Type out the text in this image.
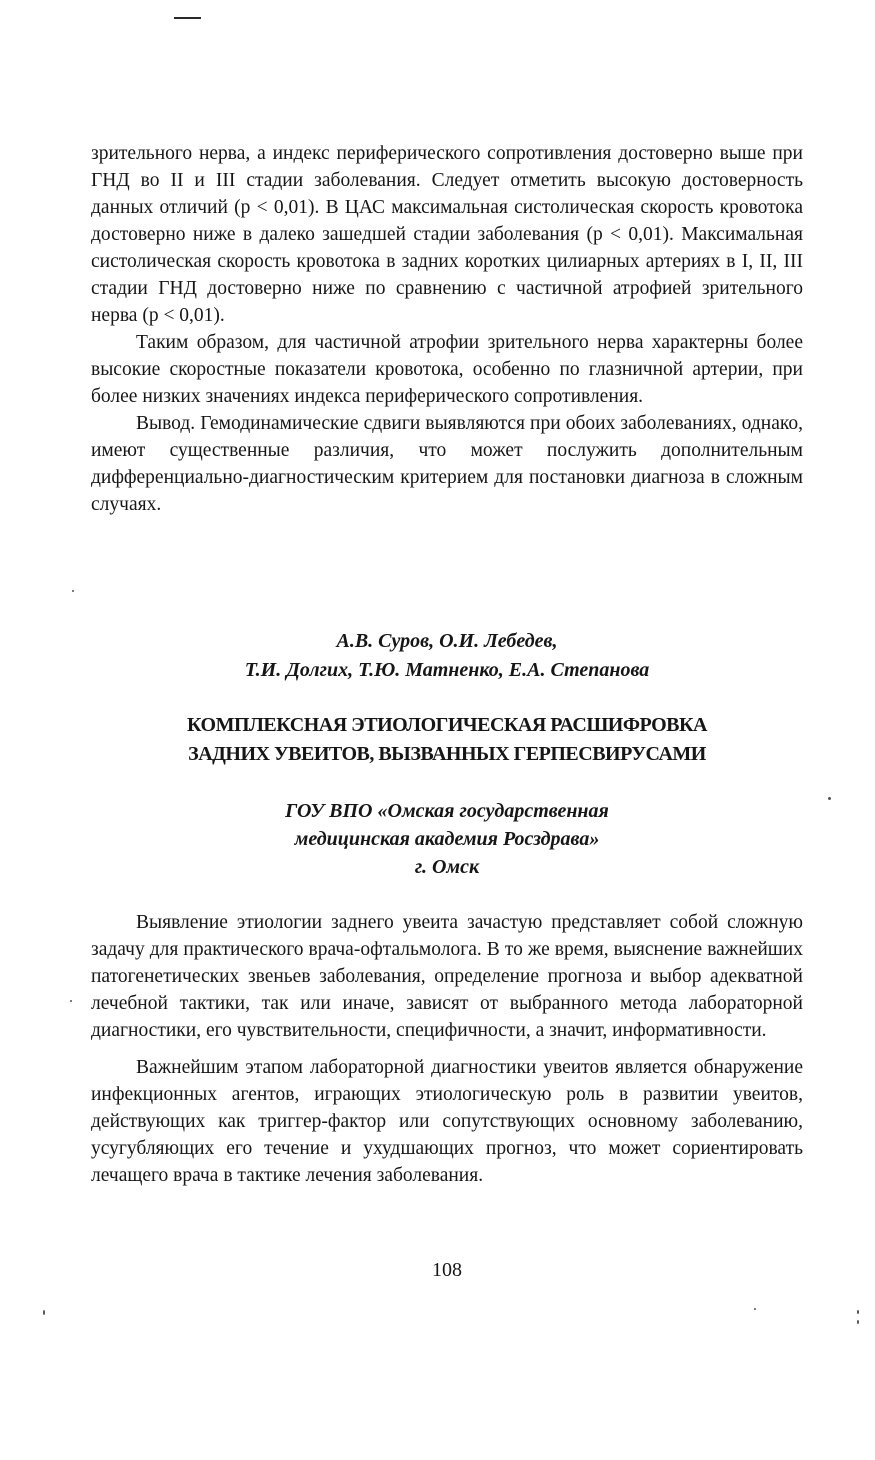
зрительного нерва, а индекс периферического сопротивления достоверно выше при ГНД во II и III стадии заболевания. Следует отметить высокую достоверность данных отличий (p < 0,01). В ЦАС максимальная систолическая скорость кровотока достоверно ниже в далеко зашедшей стадии заболевания (p < 0,01). Максимальная систолическая скорость кровотока в задних коротких цилиарных артериях в I, II, III стадии ГНД достоверно ниже по сравнению с частичной атрофией зрительного нерва (p < 0,01).

Таким образом, для частичной атрофии зрительного нерва характерны более высокие скоростные показатели кровотока, особенно по глазничной артерии, при более низких значениях индекса периферического сопротивления.

Вывод. Гемодинамические сдвиги выявляются при обоих заболеваниях, однако, имеют существенные различия, что может послужить дополнительным дифференциально-диагностическим критерием для постановки диагноза в сложным случаях.

А.В. Суров, О.И. Лебедев,
Т.И. Долгих, Т.Ю. Матненко, Е.А. Степанова
КОМПЛЕКСНАЯ ЭТИОЛОГИЧЕСКАЯ РАСШИФРОВКА
ЗАДНИХ УВЕИТОВ, ВЫЗВАННЫХ ГЕРПЕСВИРУСАМИ
ГОУ ВПО «Омская государственная
медицинская академия Росздрава»
г. Омск

Выявление этиологии заднего увеита зачастую представляет собой сложную задачу для практического врача-офтальмолога. В то же время, выяснение важнейших патогенетических звеньев заболевания, определение прогноза и выбор адекватной лечебной тактики, так или иначе, зависят от выбранного метода лабораторной диагностики, его чувствительности, специфичности, а значит, информативности.

Важнейшим этапом лабораторной диагностики увеитов является обнаружение инфекционных агентов, играющих этиологическую роль в развитии увеитов, действующих как триггер-фактор или сопутствующих основному заболеванию, усугубляющих его течение и ухудшающих прогноз, что может сориентировать лечащего врача в тактике лечения заболевания.

108
